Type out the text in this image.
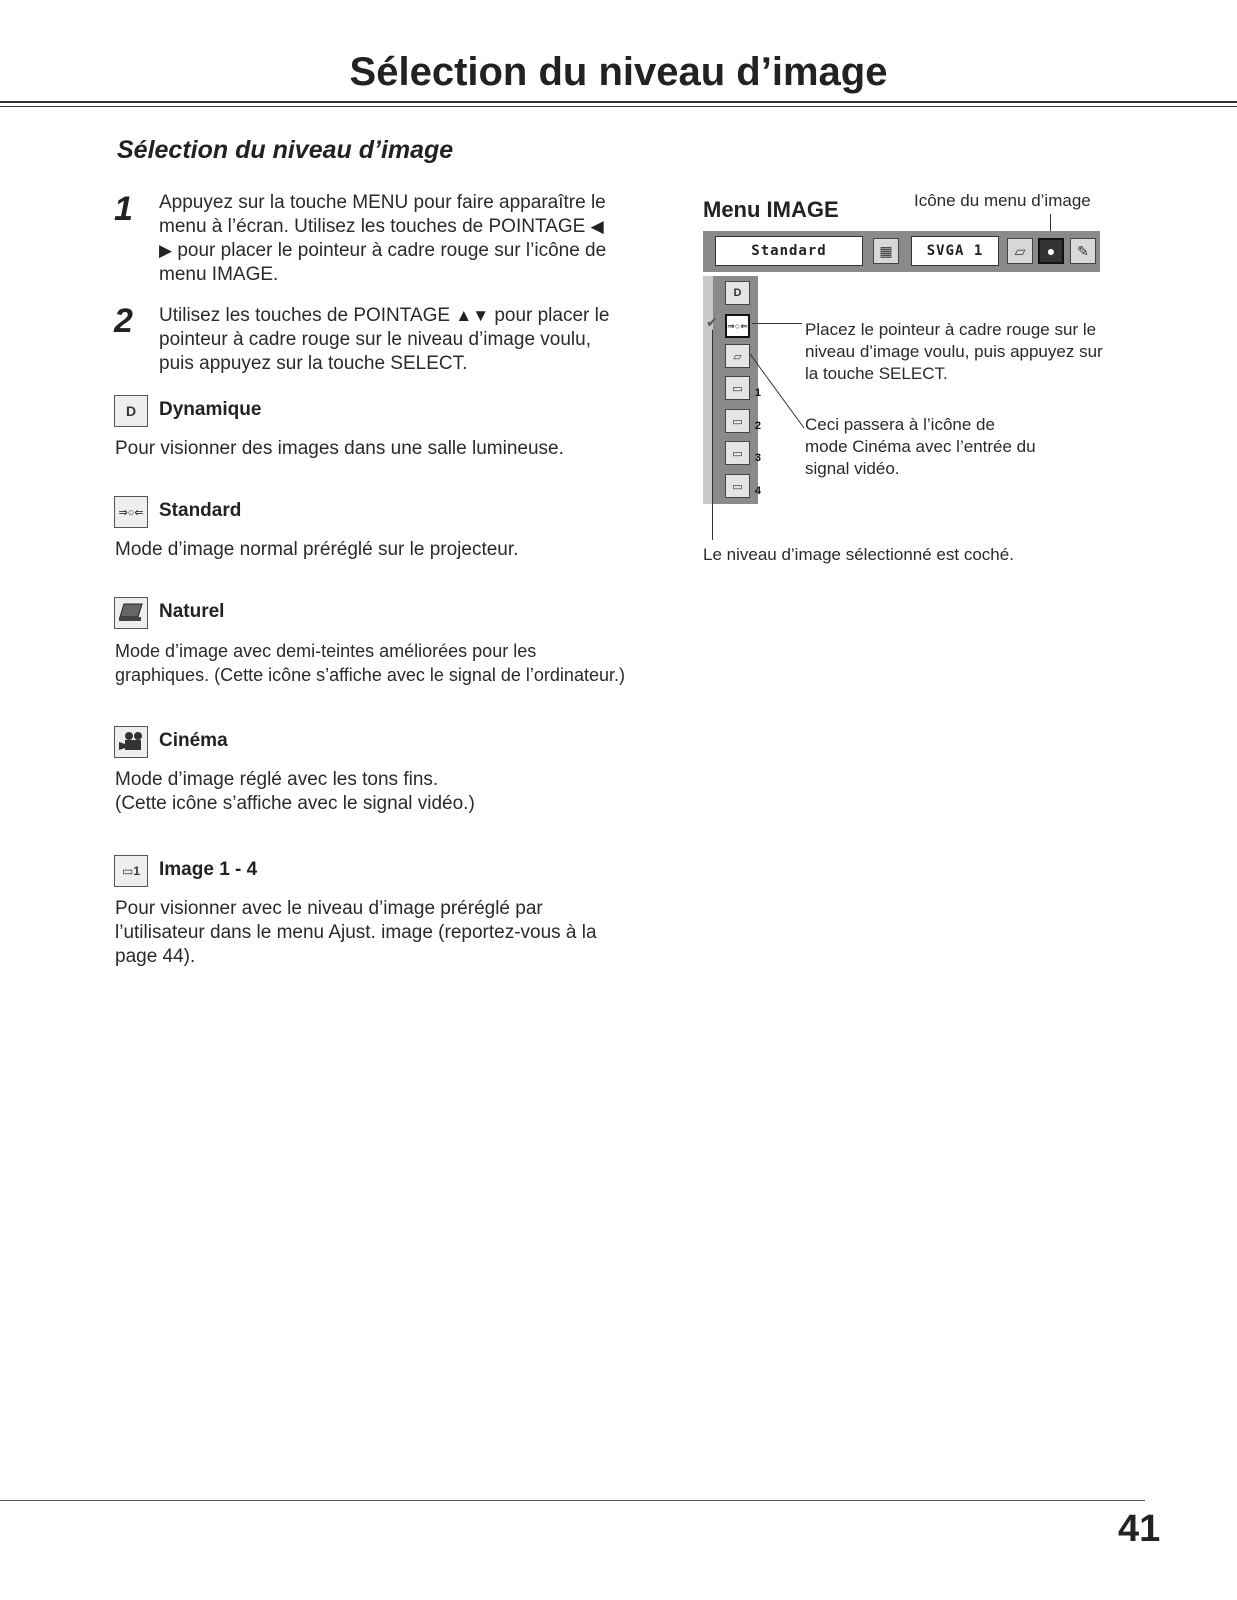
Sélection du niveau d’image
Sélection du niveau d’image
1 Appuyez sur la touche MENU pour faire apparaître le
menu à l’écran. Utilisez les touches de POINTAGE ◀
▶ pour placer le pointeur à cadre rouge sur l’icône de
menu IMAGE.
2 Utilisez les touches de POINTAGE ▲▼ pour placer le
pointeur à cadre rouge sur le niveau d’image voulu,
puis appuyez sur la touche SELECT.
D	Dynamique
Pour visionner des images dans une salle lumineuse.
⇒○⇐ Standard
Mode d’image normal préréglé sur le projecteur.
Naturel
Mode d’image avec demi-teintes améliorées pour les
graphiques. (Cette icône s’affiche avec le signal de l’ordinateur.)
Cinéma
Mode d’image réglé avec les tons fins.
(Cette icône s’affiche avec le signal vidéo.)
▭1	Image 1 - 4
Pour visionner avec le niveau d’image préréglé par
l’utilisateur dans le menu Ajust. image (reportez-vous à la
page 44).
Menu IMAGE	Icône du menu d’image
Standard	▦	SVGA 1	▱	●	✎
D
⇒○⇐
▱
▭ 1
▭ 2
▭ 3
▭ 4
✔	Placez le pointeur à cadre rouge sur le
niveau d’image voulu, puis appuyez sur
la touche SELECT.
Ceci passera à l’icône de
mode Cinéma avec l’entrée du
signal vidéo.
Le niveau d’image sélectionné est coché.
41
